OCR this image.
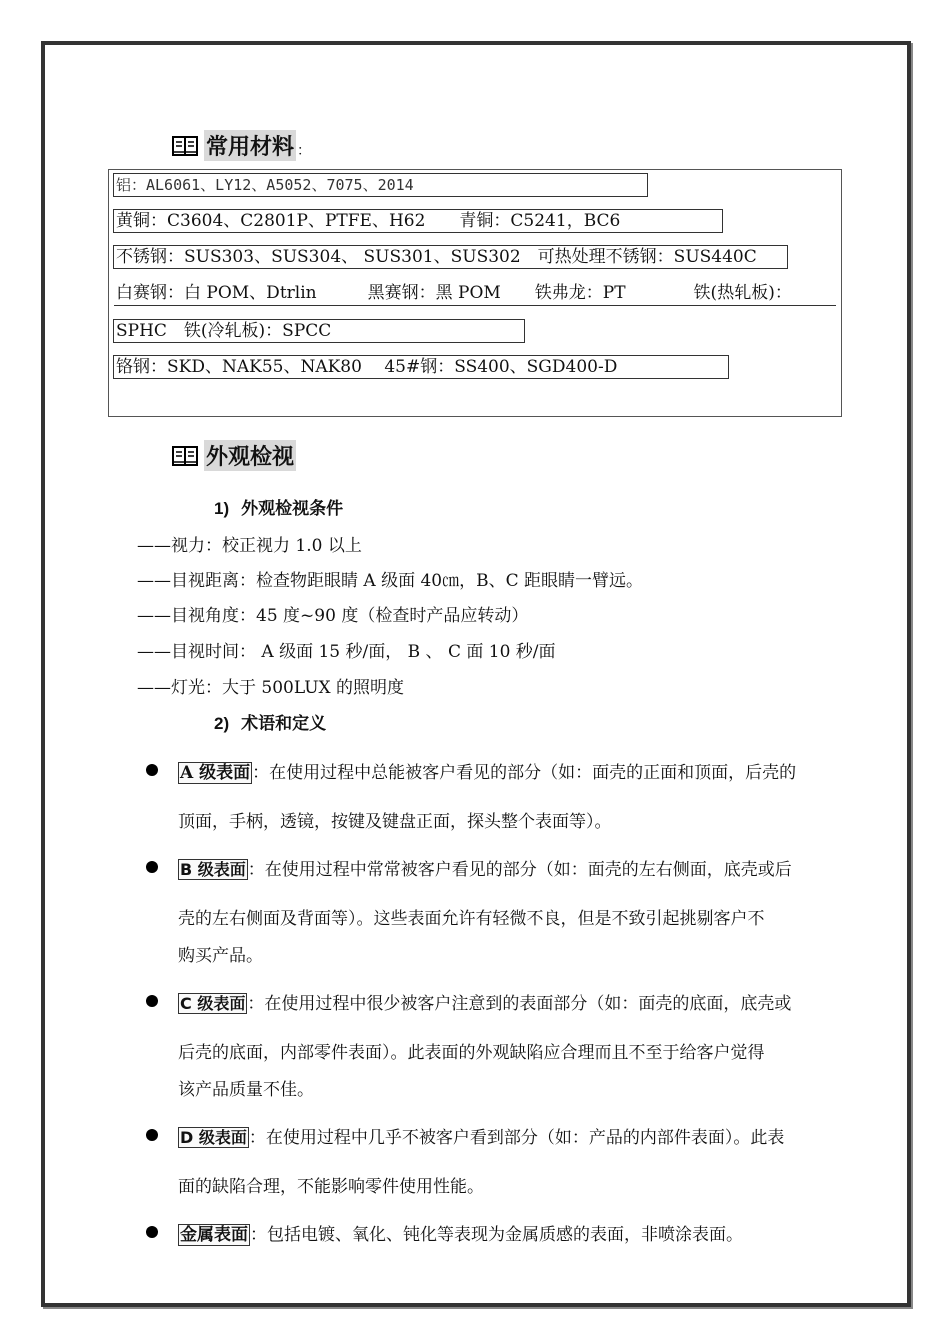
常用材料 ：
铝：AL6061、LY12、A5052、7075、2014
黄铜：C3604、C2801P、PTFE、H62　　青铜：C5241，BC6
不锈钢：SUS303、SUS304、 SUS301、SUS302　可热处理不锈钢：SUS440C
白赛钢：白 POM、Dtrlin　　　黑赛钢：黑 POM　　铁弗龙：PT　　　　铁(热轧板)：
SPHC　铁(冷轧板)：SPCC
铬钢：SKD、NAK55、NAK80　 45#钢：SS400、SGD400-D
外观检视
1) 外观检视条件
——视力：校正视力 1.0 以上
——目视距离：检查物距眼睛 A 级面 40㎝，B、C 距眼睛一臂远。
——目视角度：45 度~90 度（检查时产品应转动）
——目视时间： A 级面 15 秒/面， B 、 C 面 10 秒/面
——灯光：大于 500LUX 的照明度
2) 术语和定义
A 级表面 ：在使用过程中总能被客户看见的部分（如：面壳的正面和顶面，后壳的
顶面，手柄，透镜，按键及键盘正面，探头整个表面等）。
B 级表面 ：在使用过程中常常被客户看见的部分（如：面壳的左右侧面，底壳或后
壳的左右侧面及背面等）。这些表面允许有轻微不良，但是不致引起挑剔客户不
购买产品。
C 级表面 ：在使用过程中很少被客户注意到的表面部分（如：面壳的底面，底壳或
后壳的底面，内部零件表面）。此表面的外观缺陷应合理而且不至于给客户觉得
该产品质量不佳。
D 级表面 ：在使用过程中几乎不被客户看到部分（如：产品的内部件表面）。此表
面的缺陷合理，不能影响零件使用性能。
金属表面 ：包括电镀、氧化、钝化等表现为金属质感的表面，非喷涂表面。
